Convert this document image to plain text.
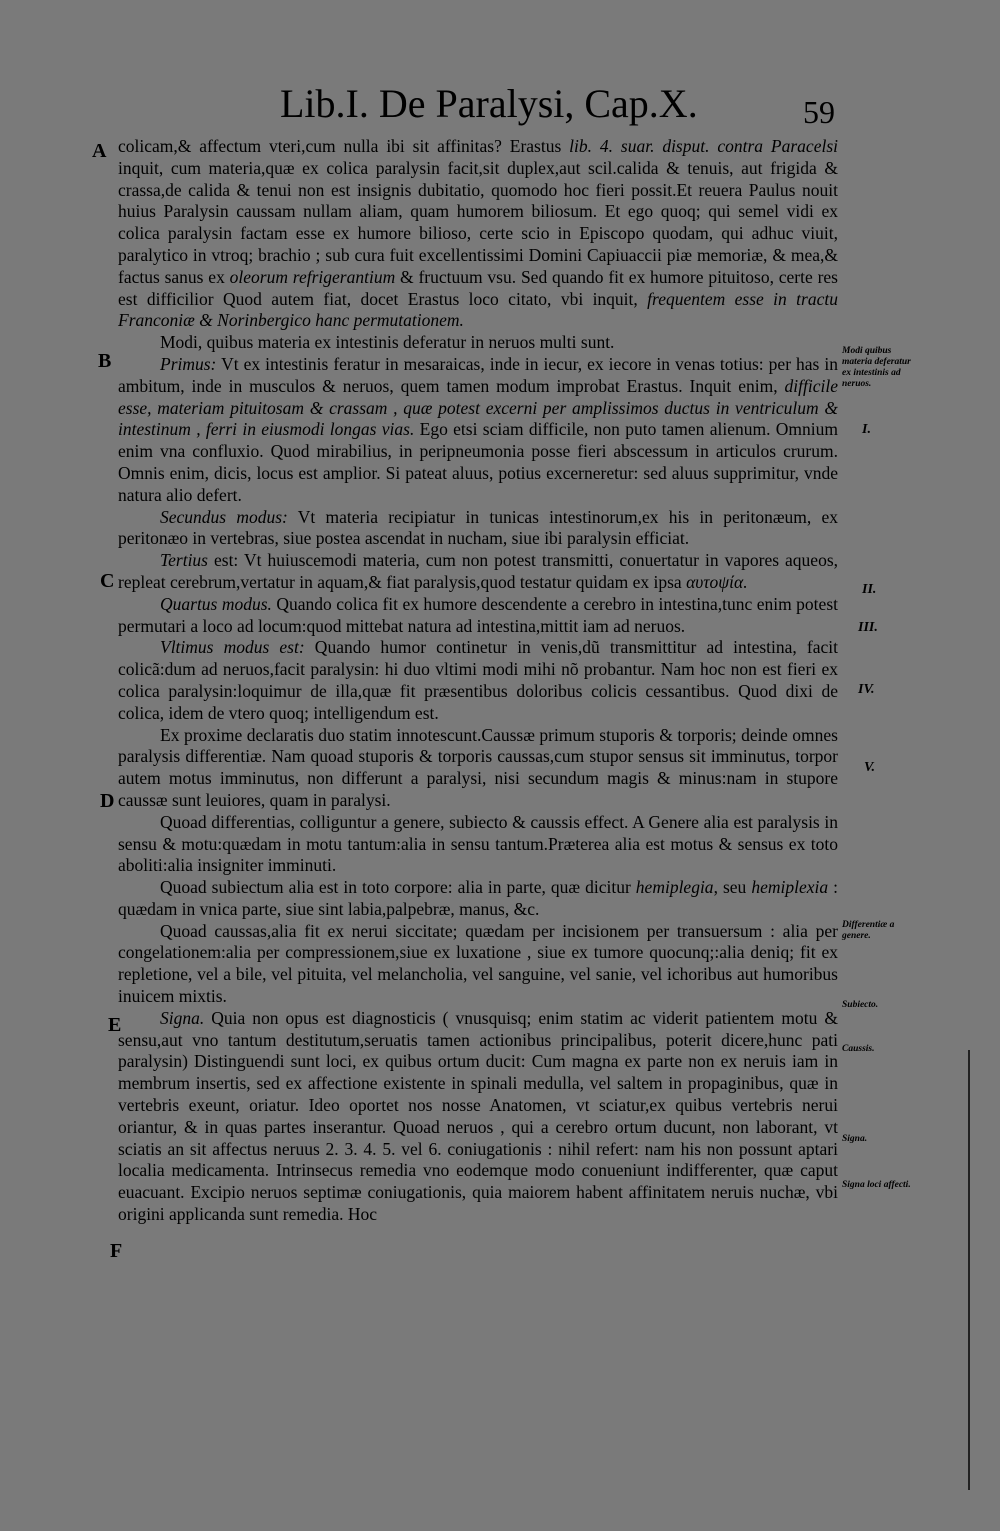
Lib.I. De Paralysi, Cap.X.	59
A
B
C
D
E
F
Modi quibus materia deferatur ex intestinis ad neruos.
I.
II.
III.
IV.
V.
Differentiæ a genere.
Subiecto.
Caussis.
Signa.
Signa loci affecti.

colicam,& affectum vteri,cum nulla ibi sit affinitas? Erastus lib. 4. suar. disput. contra Paracelsi inquit, cum materia,quæ ex colica paralysin facit,sit duplex,aut scil.calida & tenuis, aut frigida & crassa,de calida & tenui non est insignis dubitatio, quomodo hoc fieri possit.Et reuera Paulus nouit huius Paralysin caussam nullam aliam, quam humorem biliosum. Et ego quoq; qui semel vidi ex colica paralysin factam esse ex humore bilioso, certe scio in Episcopo quodam, qui adhuc viuit, paralytico in vtroq; brachio ; sub cura fuit excellentissimi Domini Capiuaccii piæ memoriæ, & mea,& factus sanus ex oleorum refrigerantium & fructuum vsu. Sed quando fit ex humore pituitoso, certe res est difficilior Quod autem fiat, docet Erastus loco citato, vbi inquit, frequentem esse in tractu Franconiæ & Norinbergico hanc permutationem.

Modi, quibus materia ex intestinis deferatur in neruos multi sunt.

Primus: Vt ex intestinis feratur in mesaraicas, inde in iecur, ex iecore in venas totius: per has in ambitum, inde in musculos & neruos, quem tamen modum improbat Erastus. Inquit enim, difficile esse, materiam pituitosam & crassam , quæ potest excerni per amplissimos ductus in ventriculum & intestinum , ferri in eiusmodi longas vias. Ego etsi sciam difficile, non puto tamen alienum. Omnium enim vna confluxio. Quod mirabilius, in peripneumonia posse fieri abscessum in articulos crurum. Omnis enim, dicis, locus est amplior. Si pateat aluus, potius excerneretur: sed aluus supprimitur, vnde natura alio defert.

Secundus modus: Vt materia recipiatur in tunicas intestinorum,ex his in peritonæum, ex peritonæo in vertebras, siue postea ascendat in nucham, siue ibi paralysin efficiat.

Tertius est: Vt huiuscemodi materia, cum non potest transmitti, conuertatur in vapores aqueos, repleat cerebrum,vertatur in aquam,& fiat paralysis,quod testatur quidam ex ipsa αυτοψία.

Quartus modus. Quando colica fit ex humore descendente a cerebro in intestina,tunc enim potest permutari a loco ad locum:quod mittebat natura ad intestina,mittit iam ad neruos.

Vltimus modus est: Quando humor continetur in venis,dũ transmittitur ad intestina, facit colicã:dum ad neruos,facit paralysin: hi duo vltimi modi mihi nõ probantur. Nam hoc non est fieri ex colica paralysin:loquimur de illa,quæ fit præsentibus doloribus colicis cessantibus. Quod dixi de colica, idem de vtero quoq; intelligendum est.

Ex proxime declaratis duo statim innotescunt.Caussæ primum stuporis & torporis; deinde omnes paralysis differentiæ. Nam quoad stuporis & torporis caussas,cum stupor sensus sit imminutus, torpor autem motus imminutus, non differunt a paralysi, nisi secundum magis & minus:nam in stupore caussæ sunt leuiores, quam in paralysi.

Quoad differentias, colliguntur a genere, subiecto & caussis effect. A Genere alia est paralysis in sensu & motu:quædam in motu tantum:alia in sensu tantum.Præterea alia est motus & sensus ex toto aboliti:alia insigniter imminuti.

Quoad subiectum alia est in toto corpore: alia in parte, quæ dicitur hemiplegia, seu hemiplexia : quædam in vnica parte, siue sint labia,palpebræ, manus, &c.

Quoad caussas,alia fit ex nerui siccitate; quædam per incisionem per transuersum : alia per congelationem:alia per compressionem,siue ex luxatione , siue ex tumore quocunq;:alia deniq; fit ex repletione, vel a bile, vel pituita, vel melancholia, vel sanguine, vel sanie, vel ichoribus aut humoribus inuicem mixtis.

Signa. Quia non opus est diagnosticis ( vnusquisq; enim statim ac viderit patientem motu & sensu,aut vno tantum destitutum,seruatis tamen actionibus principalibus, poterit dicere,hunc pati paralysin) Distinguendi sunt loci, ex quibus ortum ducit: Cum magna ex parte non ex neruis iam in membrum insertis, sed ex affectione existente in spinali medulla, vel saltem in propaginibus, quæ in vertebris exeunt, oriatur. Ideo oportet nos nosse Anatomen, vt sciatur,ex quibus vertebris nerui oriantur, & in quas partes inserantur. Quoad neruos , qui a cerebro ortum ducunt, non laborant, vt sciatis an sit affectus neruus 2. 3. 4. 5. vel 6. coniugationis : nihil refert: nam his non possunt aptari localia medicamenta. Intrinsecus remedia vno eodemque modo conueniunt indifferenter, quæ caput euacuant. Excipio neruos septimæ coniugationis, quia maiorem habent affinitatem neruis nuchæ, vbi origini applicanda sunt remedia. Hoc
